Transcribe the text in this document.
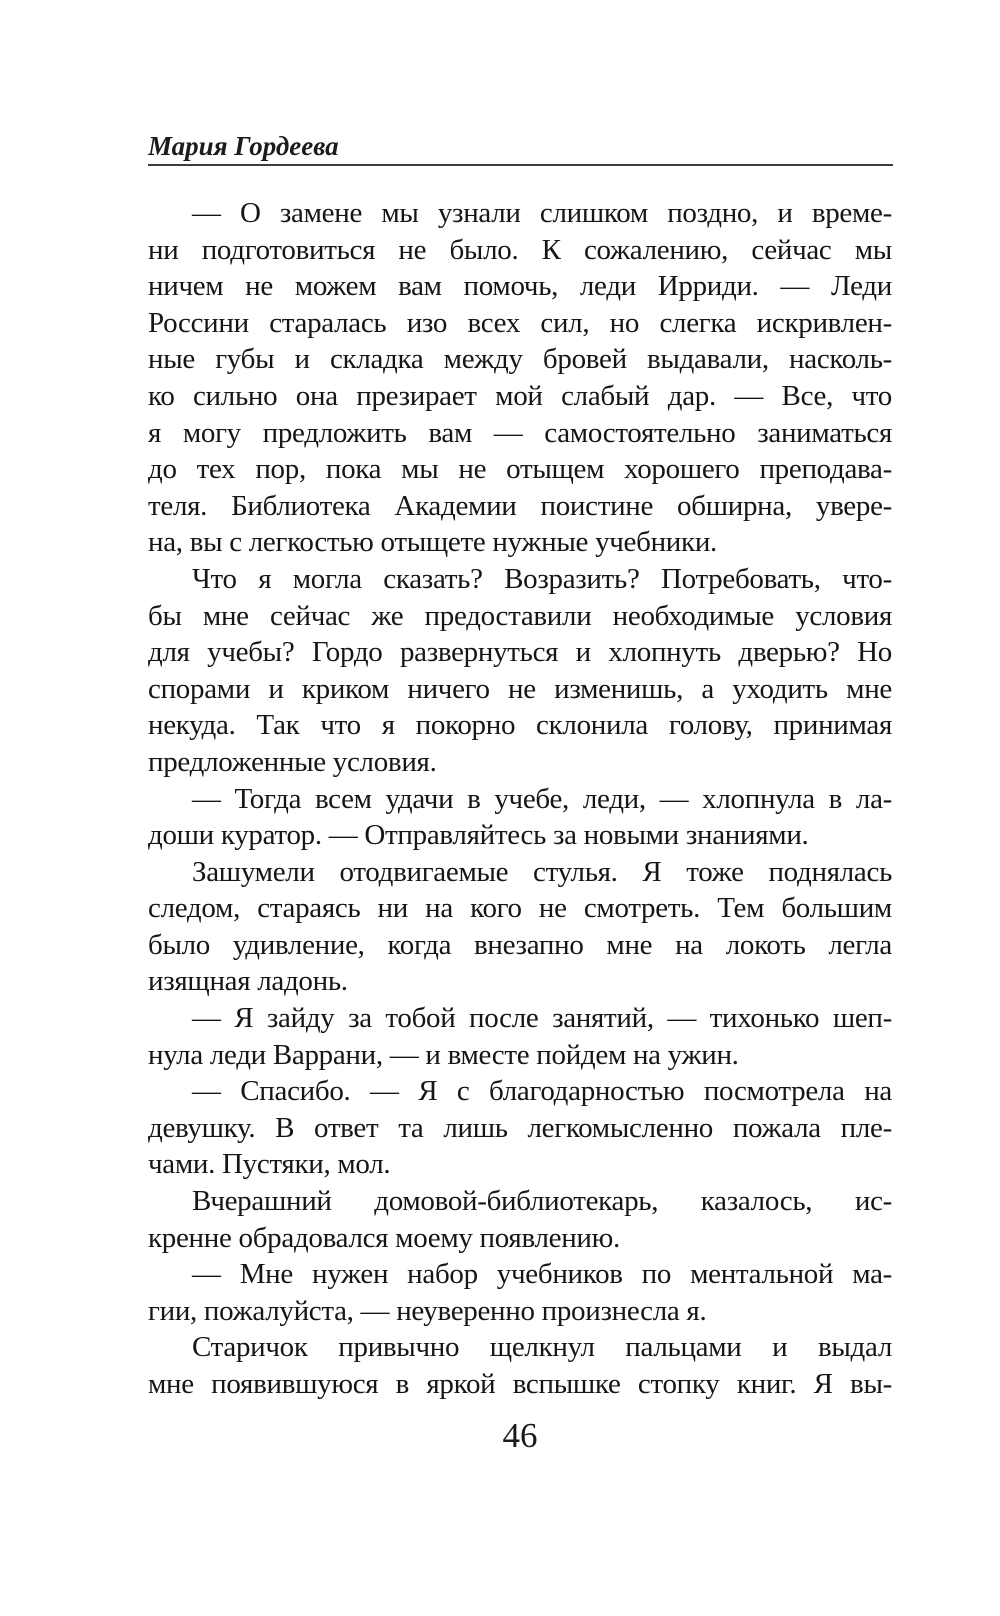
Мария Гордеева
— О замене мы узнали слишком поздно, и време-
ни подготовиться не было. К сожалению, сейчас мы
ничем не можем вам помочь, леди Ирриди. — Леди
Россини старалась изо всех сил, но слегка искривлен-
ные губы и складка между бровей выдавали, насколь-
ко сильно она презирает мой слабый дар. — Все, что
я могу предложить вам — самостоятельно заниматься
до тех пор, пока мы не отыщем хорошего преподава-
теля. Библиотека Академии поистине обширна, увере-
на, вы с легкостью отыщете нужные учебники.
Что я могла сказать? Возразить? Потребовать, что-
бы мне сейчас же предоставили необходимые условия
для учебы? Гордо развернуться и хлопнуть дверью? Но
спорами и криком ничего не изменишь, а уходить мне
некуда. Так что я покорно склонила голову, принимая
предложенные условия.
— Тогда всем удачи в учебе, леди, — хлопнула в ла-
доши куратор. — Отправляйтесь за новыми знаниями.
Зашумели отодвигаемые стулья. Я тоже поднялась
следом, стараясь ни на кого не смотреть. Тем большим
было удивление, когда внезапно мне на локоть легла
изящная ладонь.
— Я зайду за тобой после занятий, — тихонько шеп-
нула леди Варрани, — и вместе пойдем на ужин.
— Спасибо. — Я с благодарностью посмотрела на
девушку. В ответ та лишь легкомысленно пожала пле-
чами. Пустяки, мол.
Вчерашний домовой-библиотекарь, казалось, ис-
кренне обрадовался моему появлению.
— Мне нужен набор учебников по ментальной ма-
гии, пожалуйста, — неуверенно произнесла я.
Старичок привычно щелкнул пальцами и выдал
мне появившуюся в яркой вспышке стопку книг. Я вы-
46
